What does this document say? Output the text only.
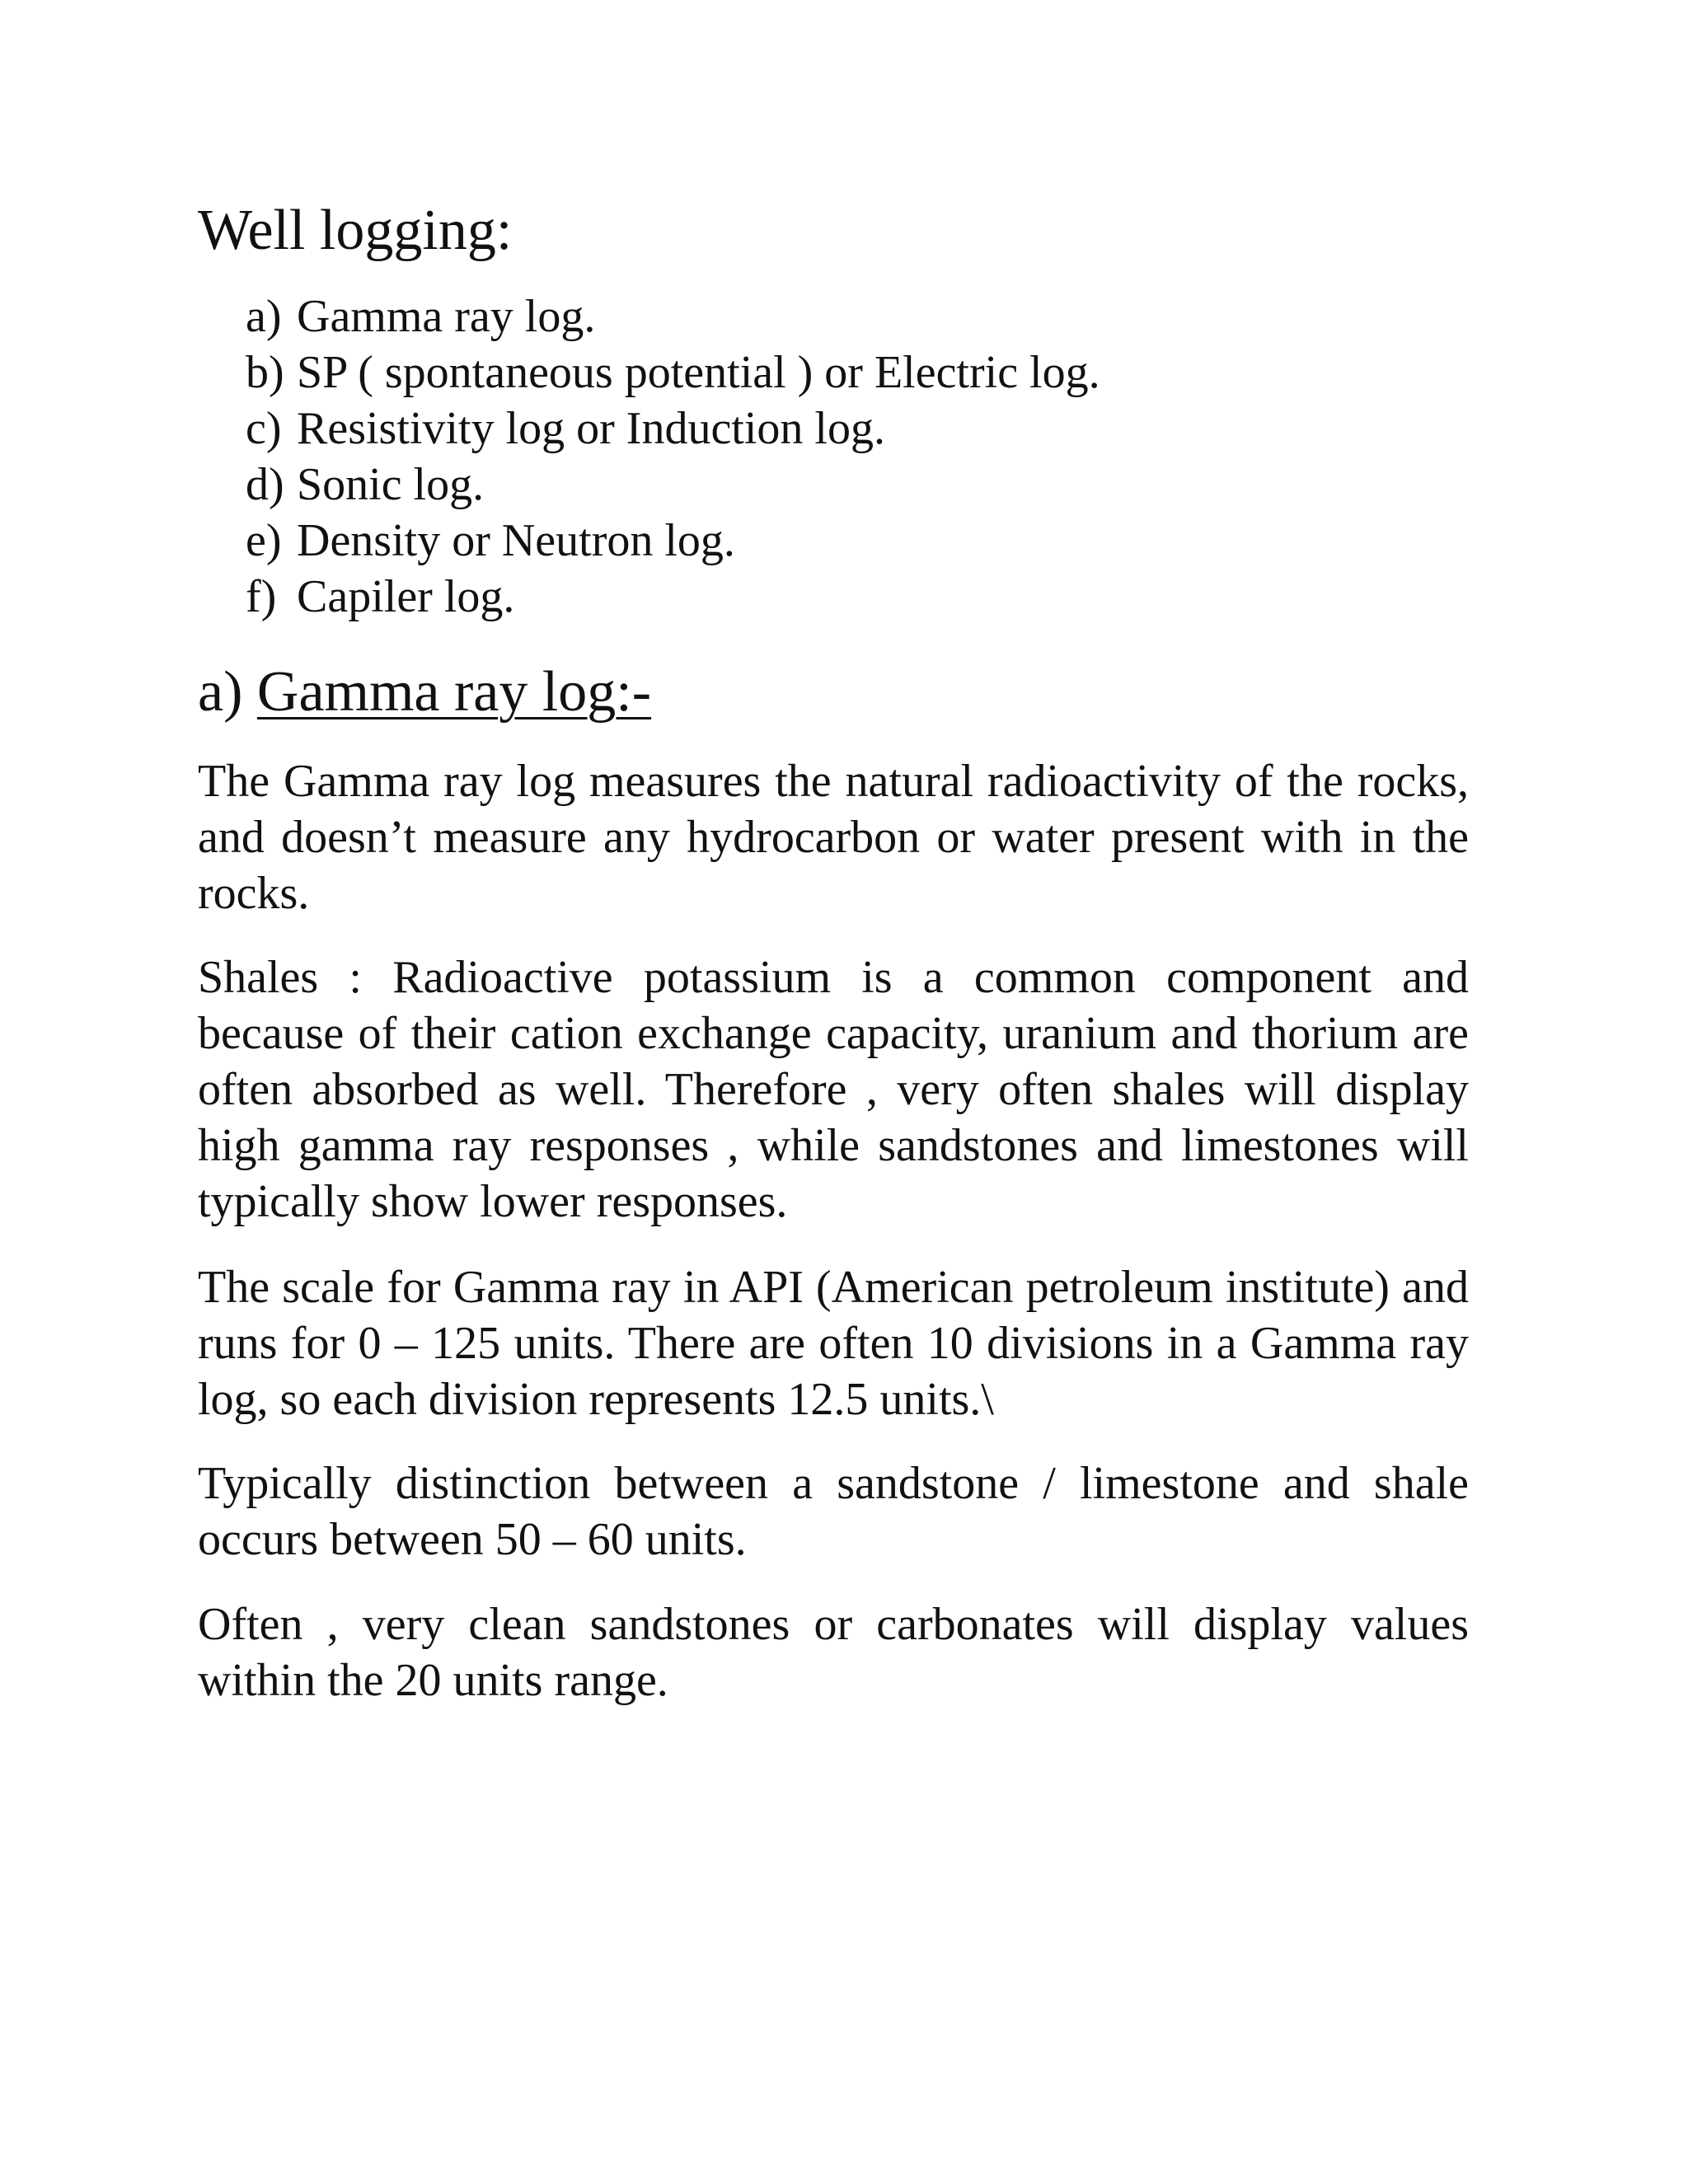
Well logging:
a) Gamma ray log.
b) SP ( spontaneous potential ) or Electric log.
c) Resistivity log or Induction log.
d) Sonic log.
e) Density or Neutron log.
f) Capiler log.
a) Gamma ray log:-

The Gamma ray log measures the natural radioactivity of the rocks, and doesn’t measure any hydrocarbon or water present with in the rocks.

Shales : Radioactive potassium is a common component and because of their cation exchange capacity, uranium and thorium are often absorbed as well. Therefore , very often shales will display high gamma ray responses , while sandstones and limestones will typically show lower responses.

The scale for Gamma ray in API (American petroleum institute) and runs for 0 – 125 units. There are often 10 divisions in a Gamma ray log, so each division represents 12.5 units.\

Typically distinction between a sandstone / limestone and shale occurs between 50 – 60 units.

Often , very clean sandstones or carbonates will display values within the 20 units range.
